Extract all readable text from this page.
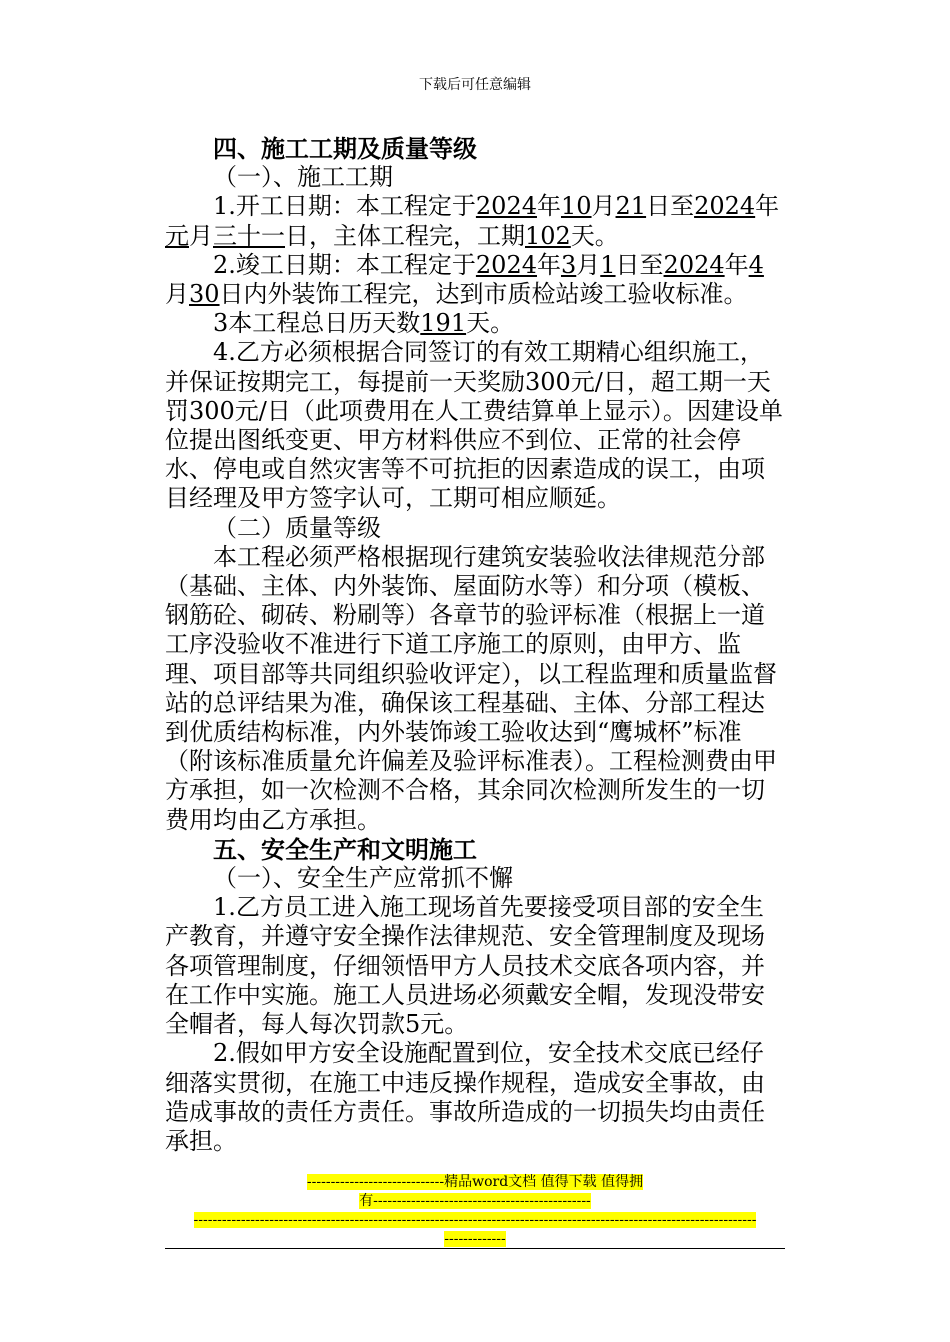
下载后可任意编辑

四、施工工期及质量等级

（一）、施工工期

1.开工日期：本工程定于2024年10月21日至2024年元月三十一日，主体工程完，工期102天。

2.竣工日期：本工程定于2024年3月1日至2024年4月30日内外装饰工程完，达到市质检站竣工验收标准。

3本工程总日历天数191天。

4.乙方必须根据合同签订的有效工期精心组织施工，并保证按期完工，每提前一天奖励300元/日，超工期一天罚300元/日（此项费用在人工费结算单上显示）。因建设单位提出图纸变更、甲方材料供应不到位、正常的社会停水、停电或自然灾害等不可抗拒的因素造成的误工，由项目经理及甲方签字认可，工期可相应顺延。

（二）质量等级

本工程必须严格根据现行建筑安装验收法律规范分部（基础、主体、内外装饰、屋面防水等）和分项（模板、钢筋砼、砌砖、粉刷等）各章节的验评标准（根据上一道工序没验收不准进行下道工序施工的原则，由甲方、监理、项目部等共同组织验收评定），以工程监理和质量监督站的总评结果为准，确保该工程基础、主体、分部工程达到优质结构标准，内外装饰竣工验收达到“鹰城杯”标准（附该标准质量允许偏差及验评标准表）。工程检测费由甲方承担，如一次检测不合格，其余同次检测所发生的一切费用均由乙方承担。

五、安全生产和文明施工

（一）、安全生产应常抓不懈

1.乙方员工进入施工现场首先要接受项目部的安全生产教育，并遵守安全操作法律规范、安全管理制度及现场各项管理制度，仔细领悟甲方人员技术交底各项内容，并在工作中实施。施工人员进场必须戴安全帽，发现没带安全帽者，每人每次罚款5元。

2.假如甲方安全设施配置到位，安全技术交底已经仔细落实贯彻，在施工中违反操作规程，造成安全事故，由造成事故的责任方责任。事故所造成的一切损失均由责任承担。

-----------------------------精品word文档 值得下载 值得拥
有----------------------------------------------
-----------------------------------------------------------------------------------------------------------------------
-------------
